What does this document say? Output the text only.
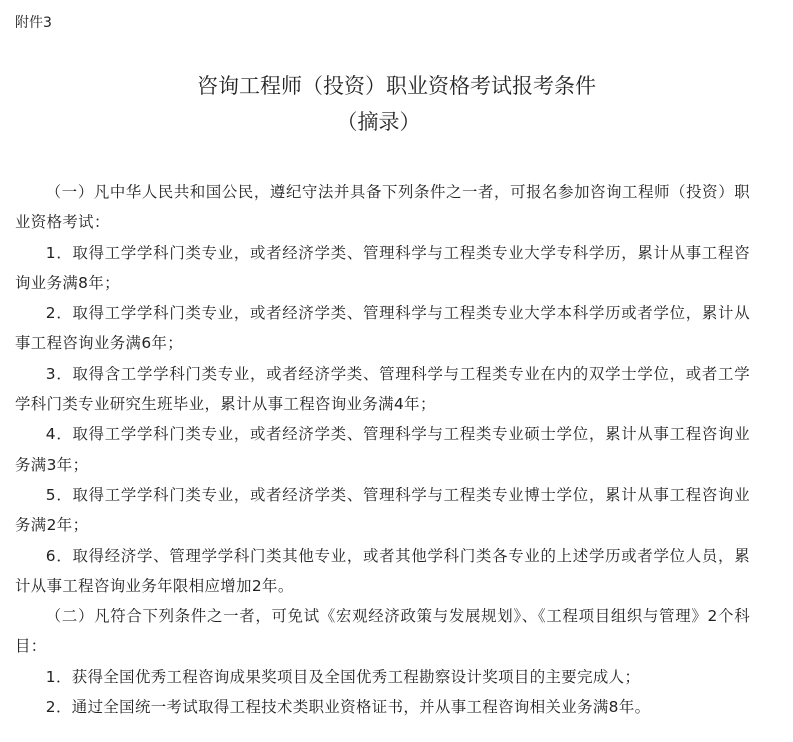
附件3
咨询工程师（投资）职业资格考试报考条件
（摘录）

（一）凡中华人民共和国公民，遵纪守法并具备下列条件之一者，可报名参加咨询工程师（投资）职业资格考试：

1．取得工学学科门类专业，或者经济学类、管理科学与工程类专业大学专科学历，累计从事工程咨询业务满8年；

2．取得工学学科门类专业，或者经济学类、管理科学与工程类专业大学本科学历或者学位，累计从事工程咨询业务满6年；

3．取得含工学学科门类专业，或者经济学类、管理科学与工程类专业在内的双学士学位，或者工学学科门类专业研究生班毕业，累计从事工程咨询业务满4年；

4．取得工学学科门类专业，或者经济学类、管理科学与工程类专业硕士学位，累计从事工程咨询业务满3年；

5．取得工学学科门类专业，或者经济学类、管理科学与工程类专业博士学位，累计从事工程咨询业务满2年；

6．取得经济学、管理学学科门类其他专业，或者其他学科门类各专业的上述学历或者学位人员，累计从事工程咨询业务年限相应增加2年。

（二）凡符合下列条件之一者，可免试《宏观经济政策与发展规划》、《工程项目组织与管理》2个科目：

1．获得全国优秀工程咨询成果奖项目及全国优秀工程勘察设计奖项目的主要完成人；

2．通过全国统一考试取得工程技术类职业资格证书，并从事工程咨询相关业务满8年。
